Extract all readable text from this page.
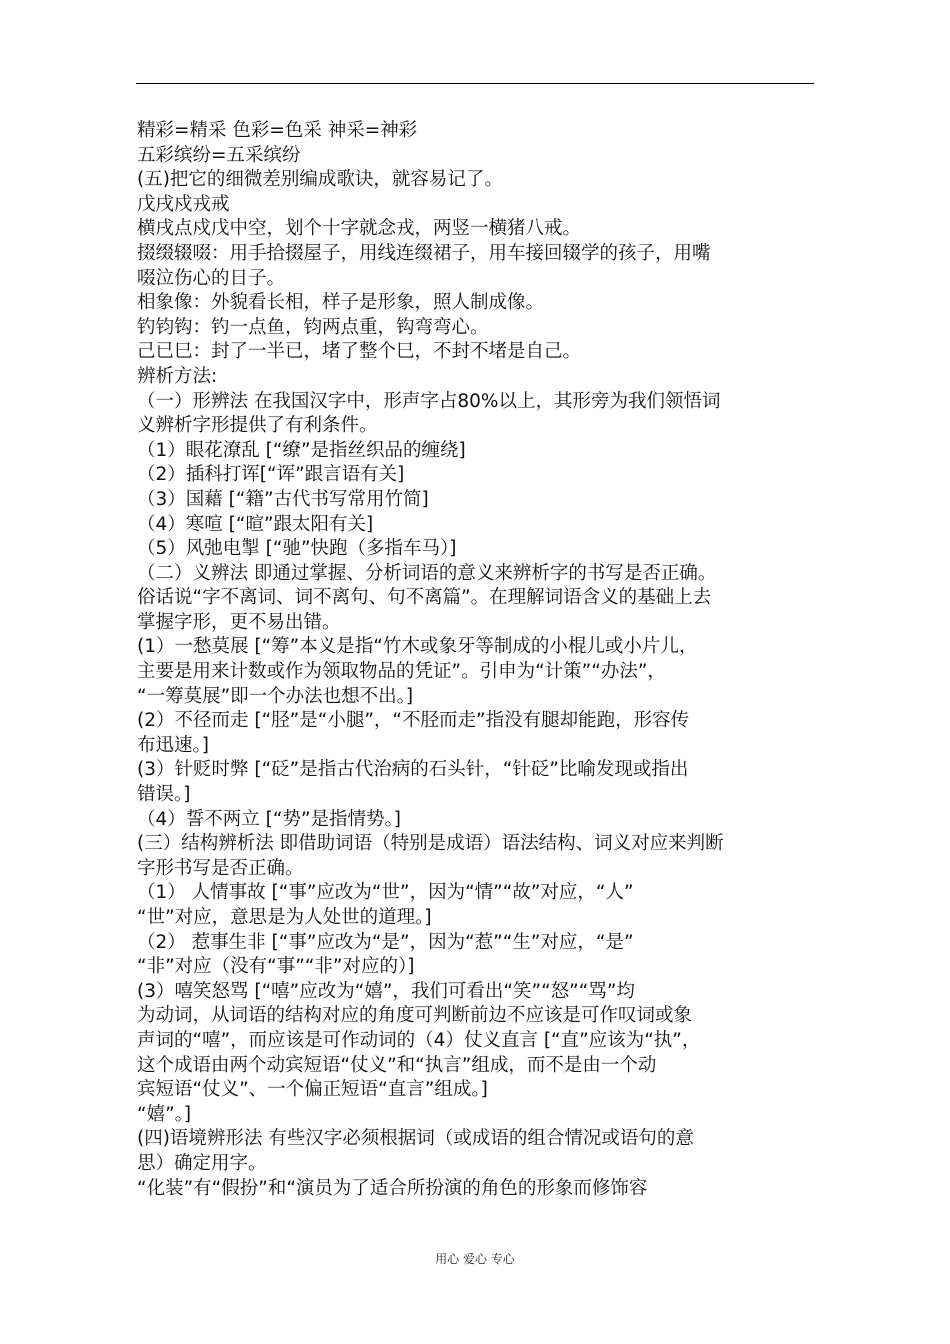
精彩=精采 色彩=色采 神采=神彩
五彩缤纷=五采缤纷
(五)把它的细微差别编成歌诀，就容易记了。
戊戌戍戎戒
横戌点戍戊中空，划个十字就念戎，两竖一横猪八戒。
掇缀辍啜：用手拾掇屋子，用线连缀裙子，用车接回辍学的孩子，用嘴
啜泣伤心的日子。
相象像：外貌看长相，样子是形象，照人制成像。
钓钧钩：钓一点鱼，钧两点重，钩弯弯心。
己已巳：封了一半已，堵了整个巳，不封不堵是自己。
辨析方法:
（一）形辨法 在我国汉字中，形声字占80%以上，其形旁为我们领悟词
义辨析字形提供了有利条件。
（1）眼花潦乱 [“缭”是指丝织品的缠绕]
（2）插科打诨[“诨”跟言语有关]
（3）国藉 [“籍”古代书写常用竹简]
（4）寒喧 [“暄”跟太阳有关]
（5）风弛电掣 [“驰”快跑（多指车马）]
（二）义辨法 即通过掌握、分析词语的意义来辨析字的书写是否正确。
俗话说“字不离词、词不离句、句不离篇”。在理解词语含义的基础上去
掌握字形，更不易出错。
(1）一愁莫展 [“筹”本义是指“竹木或象牙等制成的小棍儿或小片儿，
主要是用来计数或作为领取物品的凭证”。引申为“计策”“办法”，
“一筹莫展”即一个办法也想不出。]
(2）不径而走 [“胫”是“小腿”，“不胫而走”指没有腿却能跑，形容传
布迅速。]
(3）针贬时弊 [“砭”是指古代治病的石头针，“针砭”比喻发现或指出
错误。]
（4）誓不两立 [“势”是指情势。]
(三）结构辨析法 即借助词语（特别是成语）语法结构、词义对应来判断
字形书写是否正确。
（1） 人情事故 [“事”应改为“世”，因为“情”“故”对应，“人”
“世”对应，意思是为人处世的道理。]
（2） 惹事生非 [“事”应改为“是”，因为“惹”“生”对应，“是”
“非”对应（没有“事”“非”对应的）]
(3）嘻笑怒骂 [“嘻”应改为“嬉”，我们可看出“笑”“怒”“骂”均
为动词，从词语的结构对应的角度可判断前边不应该是可作叹词或象
声词的“嘻”，而应该是可作动词的（4）仗义直言 [“直”应该为“执”，
这个成语由两个动宾短语“仗义”和“执言”组成，而不是由一个动
宾短语“仗义”、一个偏正短语“直言”组成。]
“嬉”。]
(四)语境辨形法 有些汉字必须根据词（或成语的组合情况或语句的意
思）确定用字。
“化装”有“假扮”和“演员为了适合所扮演的角色的形象而修饰容
用心 爱心 专心
